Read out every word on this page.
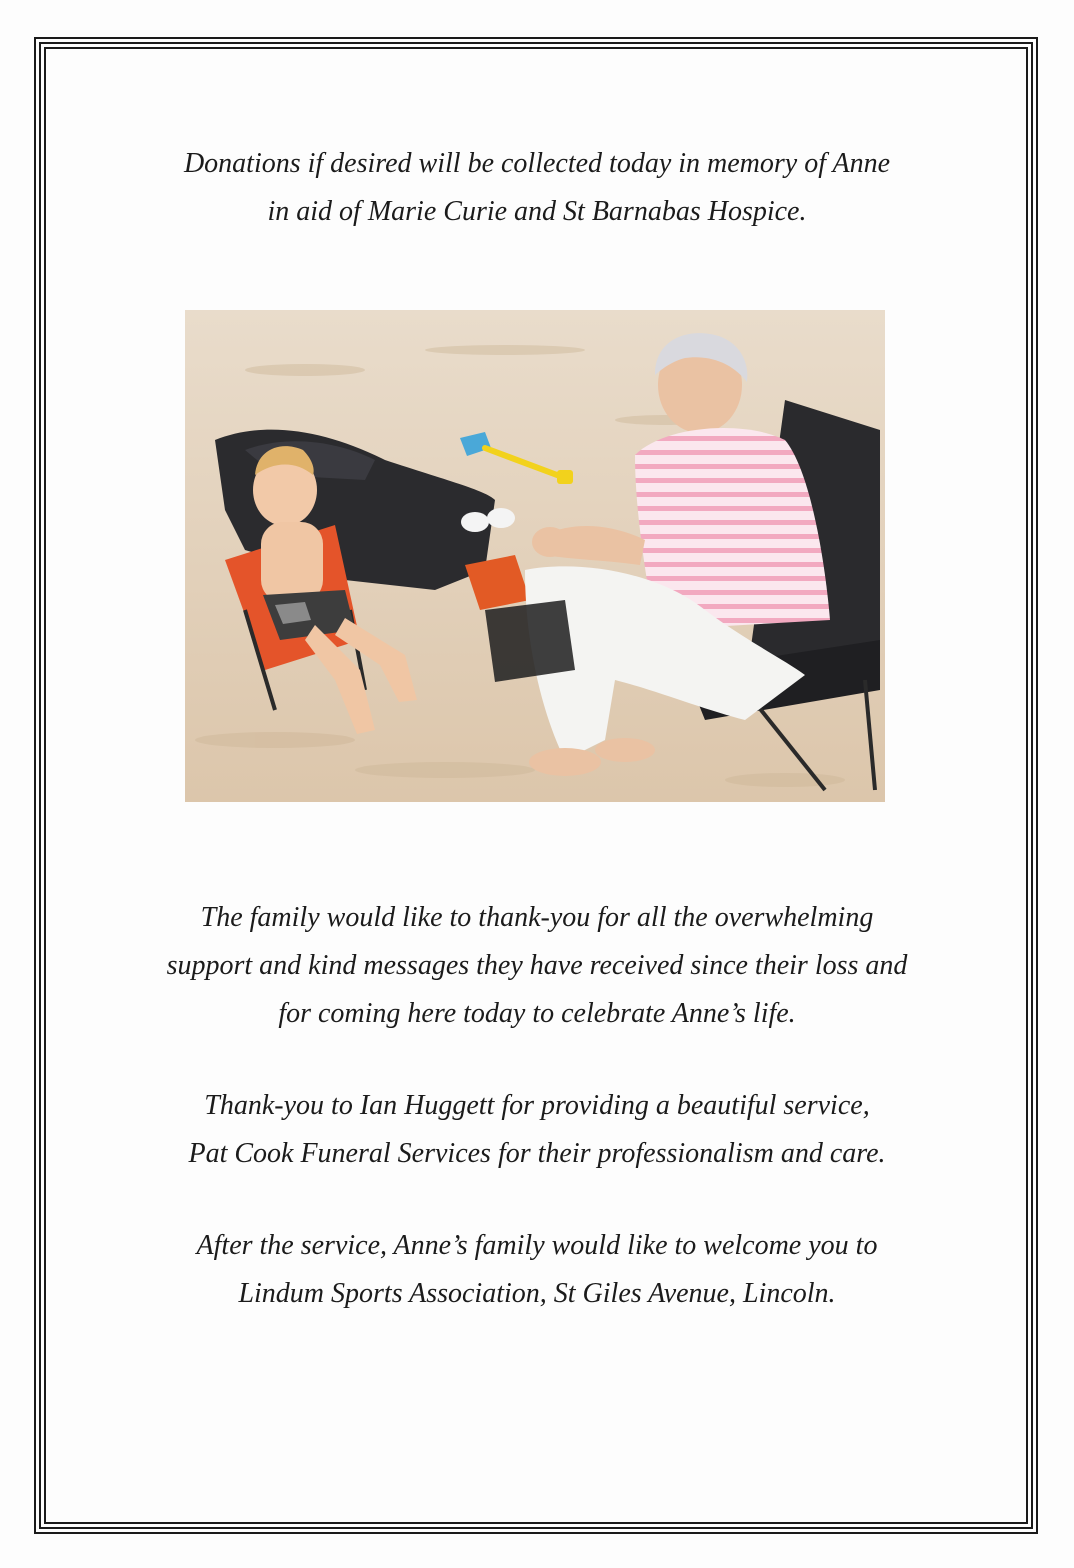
Donations if desired will be collected today in memory of Anne
in aid of Marie Curie and St Barnabas Hospice.
The family would like to thank-you for all the overwhelming
support and kind messages they have received since their loss and
for coming here today to celebrate Anne’s life.
Thank-you to Ian Huggett for providing a beautiful service,
Pat Cook Funeral Services for their professionalism and care.
After the service, Anne’s family would like to welcome you to
Lindum Sports Association, St Giles Avenue, Lincoln.
